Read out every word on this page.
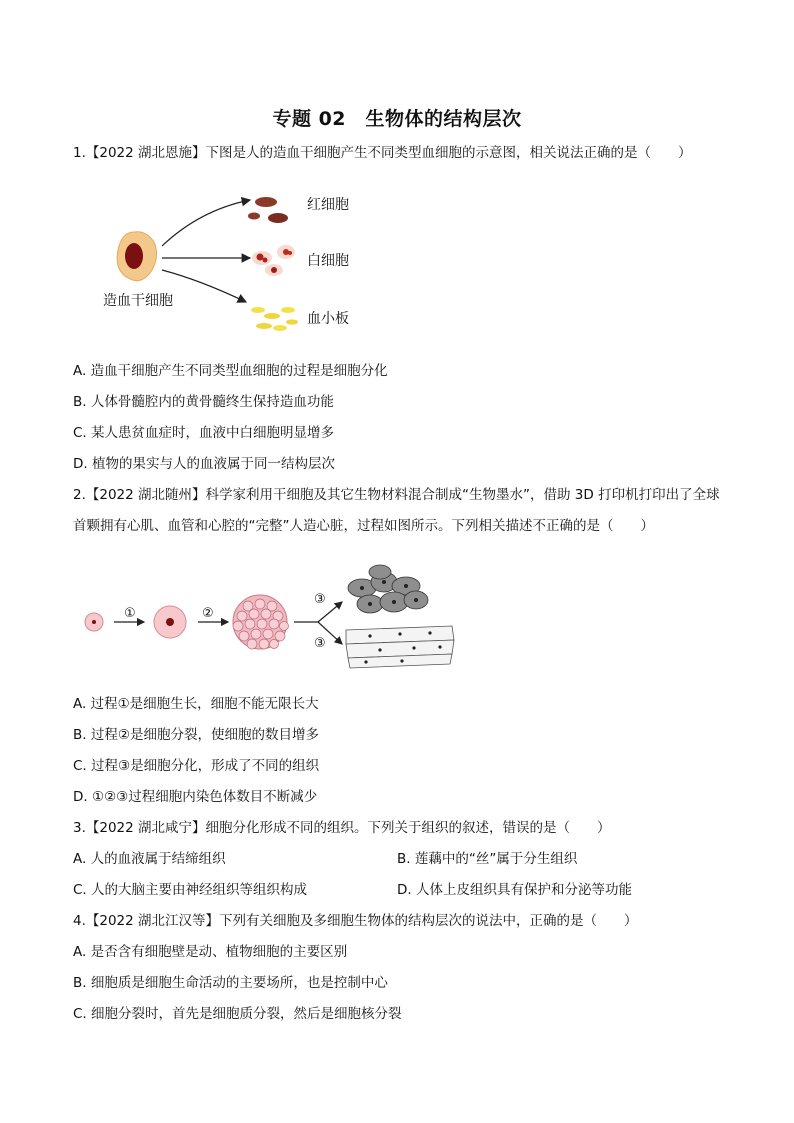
专题 02　生物体的结构层次
1.【2022 湖北恩施】下图是人的造血干细胞产生不同类型血细胞的示意图，相关说法正确的是（　　）
红细胞
白细胞
血小板
造血干细胞
A. 造血干细胞产生不同类型血细胞的过程是细胞分化
B. 人体骨髓腔内的黄骨髓终生保持造血功能
C. 某人患贫血症时，血液中白细胞明显增多
D. 植物的果实与人的血液属于同一结构层次
2.【2022 湖北随州】科学家利用干细胞及其它生物材料混合制成“生物墨水”，借助 3D 打印机打印出了全球
首颗拥有心肌、血管和心腔的“完整”人造心脏，过程如图所示。下列相关描述不正确的是（　　）
①	②
③
③
A. 过程①是细胞生长，细胞不能无限长大
B. 过程②是细胞分裂，使细胞的数目增多
C. 过程③是细胞分化，形成了不同的组织
D. ①②③过程细胞内染色体数目不断减少
3.【2022 湖北咸宁】细胞分化形成不同的组织。下列关于组织的叙述，错误的是（　　）
A. 人的血液属于结缔组织	B. 莲藕中的“丝”属于分生组织
C. 人的大脑主要由神经组织等组织构成	D. 人体上皮组织具有保护和分泌等功能
4.【2022 湖北江汉等】下列有关细胞及多细胞生物体的结构层次的说法中，正确的是（　　）
A. 是否含有细胞壁是动、植物细胞的主要区别
B. 细胞质是细胞生命活动的主要场所，也是控制中心
C. 细胞分裂时，首先是细胞质分裂，然后是细胞核分裂
